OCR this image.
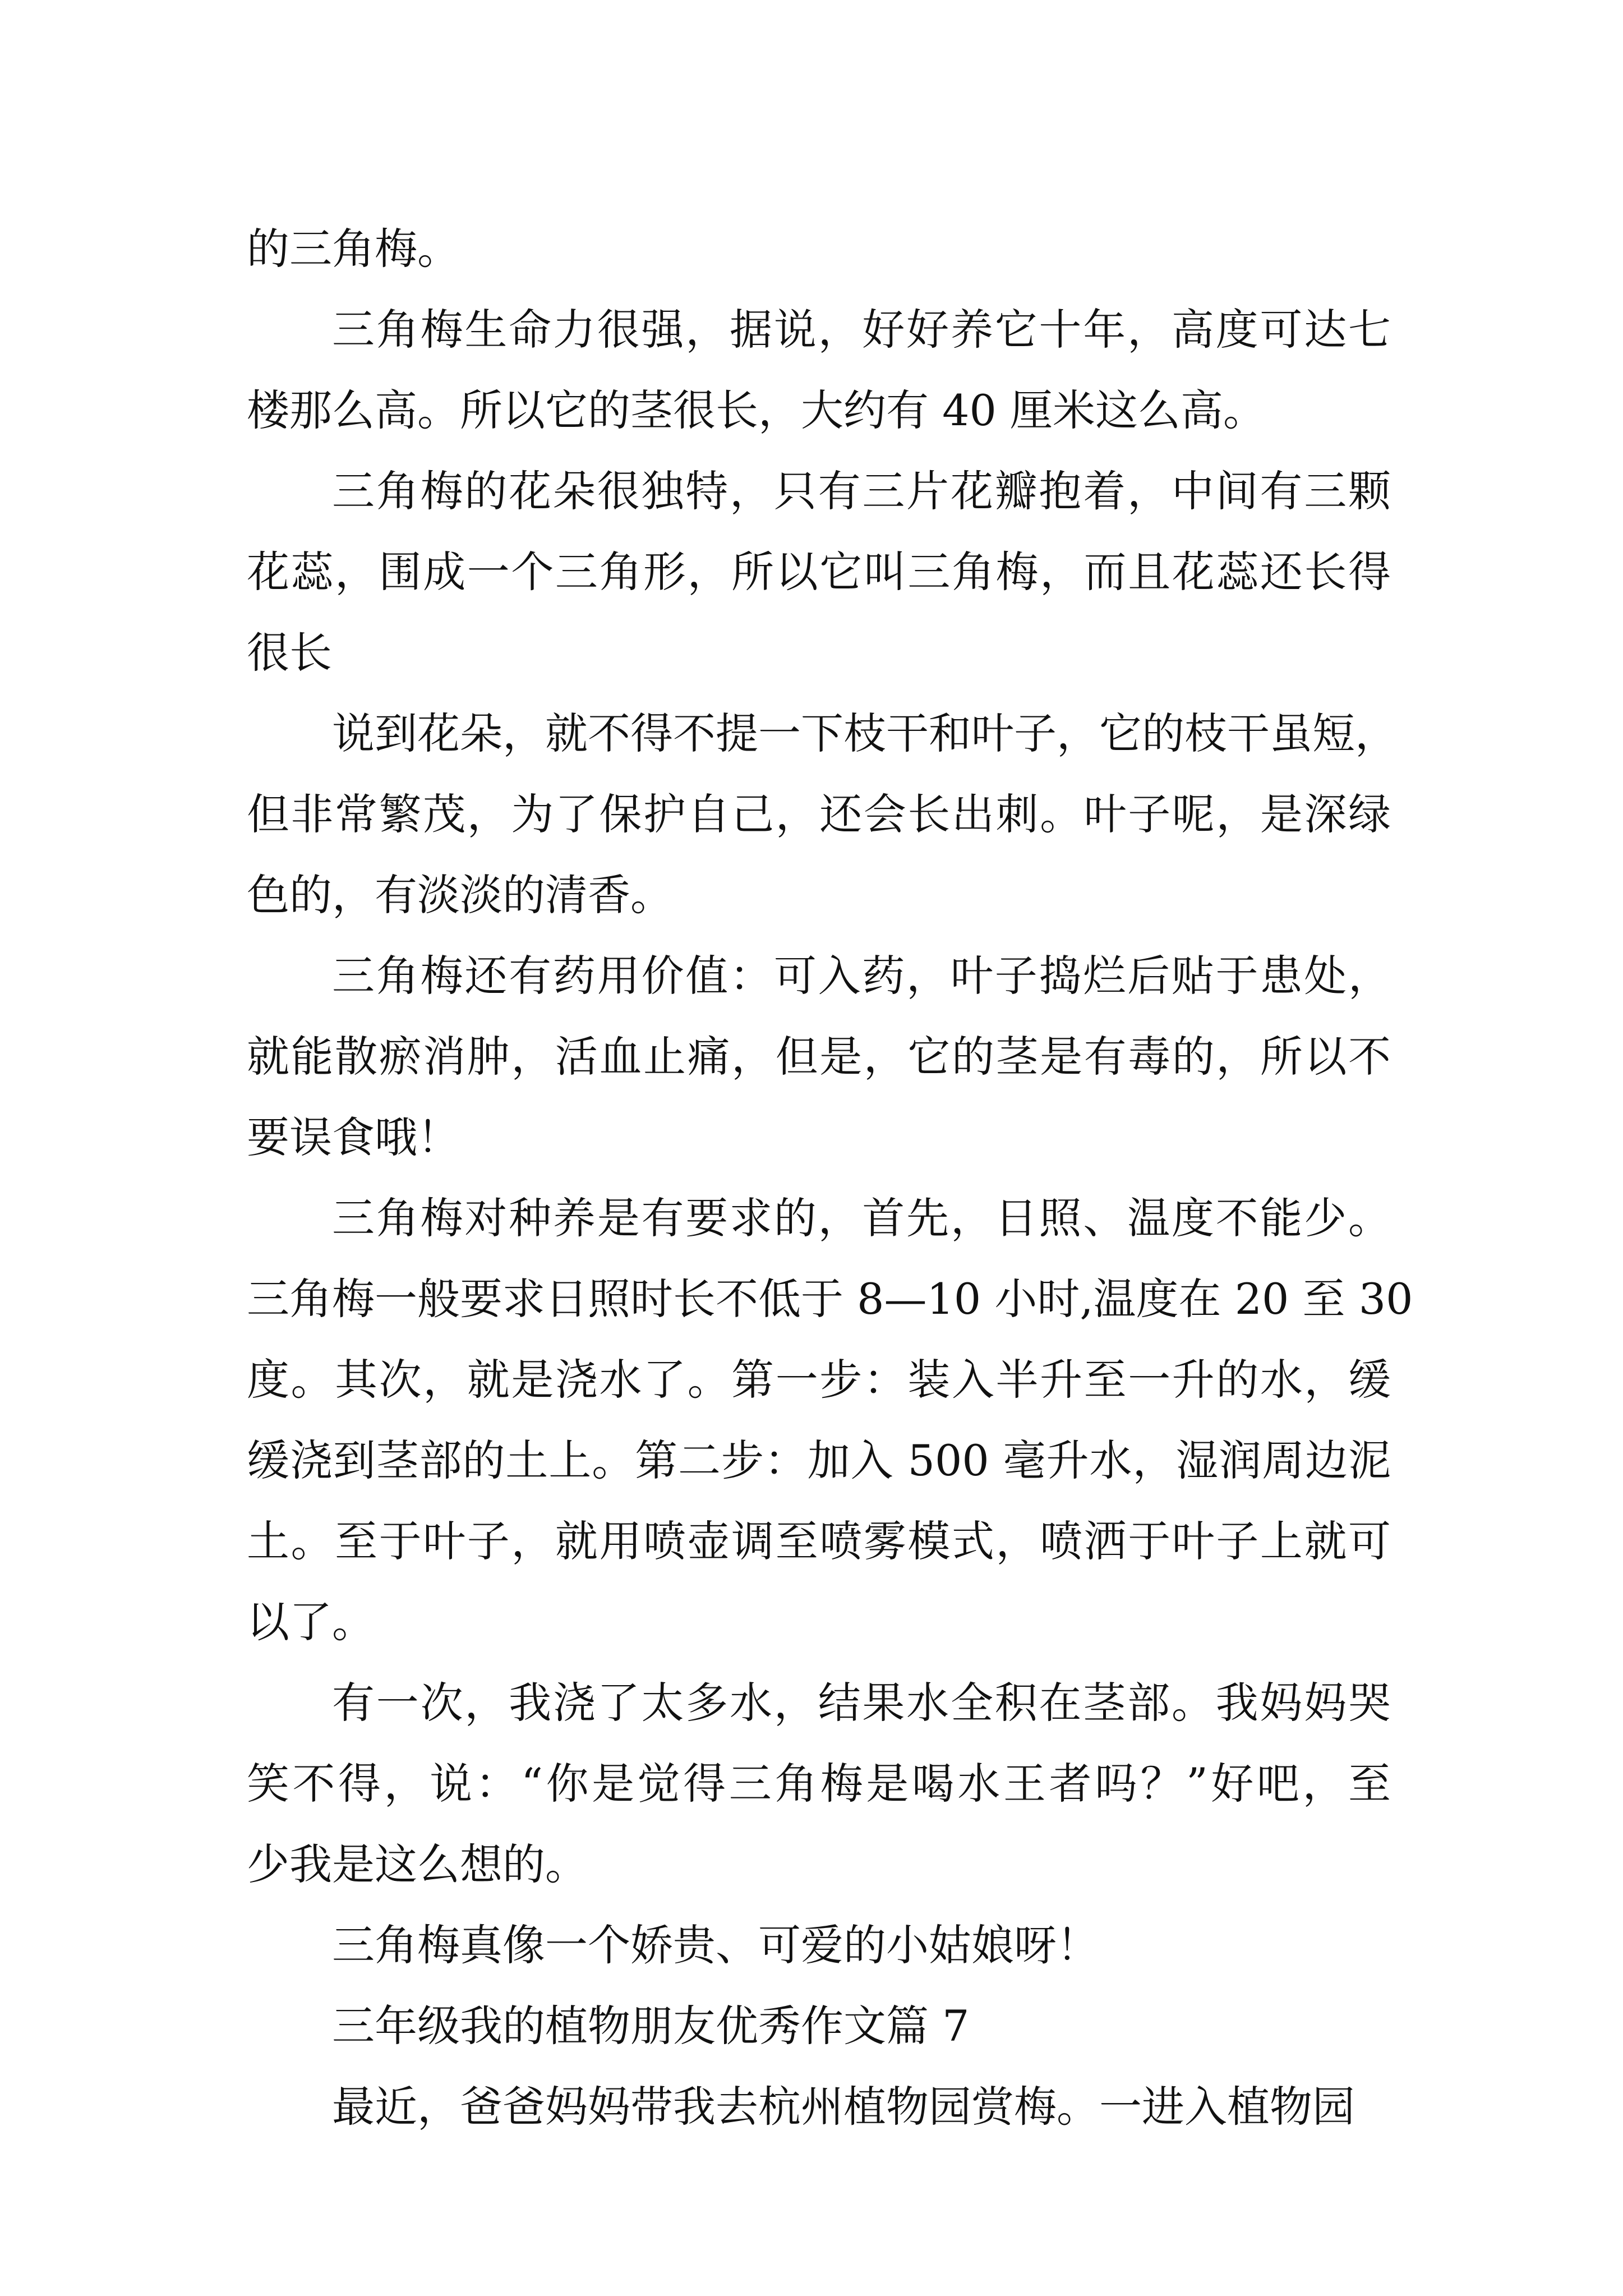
的三角梅。

三角梅生命力很强，据说，好好养它十年，高度可达七
楼那么高。所以它的茎很长，大约有 40 厘米这么高。

三角梅的花朵很独特，只有三片花瓣抱着，中间有三颗
花蕊，围成一个三角形，所以它叫三角梅，而且花蕊还长得
很长

说到花朵，就不得不提一下枝干和叶子，它的枝干虽短，
但非常繁茂，为了保护自己，还会长出刺。叶子呢，是深绿
色的，有淡淡的清香。

三角梅还有药用价值：可入药，叶子捣烂后贴于患处，
就能散瘀消肿，活血止痛，但是，它的茎是有毒的，所以不
要误食哦！

三角梅对种养是有要求的，首先，日照、温度不能少。
三角梅一般要求日照时长不低于 8—10 小时,温度在 20 至 30
度。其次，就是浇水了。第一步：装入半升至一升的水，缓
缓浇到茎部的土上。第二步：加入 500 毫升水，湿润周边泥
土。至于叶子，就用喷壶调至喷雾模式，喷洒于叶子上就可
以了。

有一次，我浇了太多水，结果水全积在茎部。我妈妈哭
笑不得，说：“你是觉得三角梅是喝水王者吗？”好吧，至
少我是这么想的。

三角梅真像一个娇贵、可爱的小姑娘呀！

三年级我的植物朋友优秀作文篇 7

最近，爸爸妈妈带我去杭州植物园赏梅。一进入植物园
